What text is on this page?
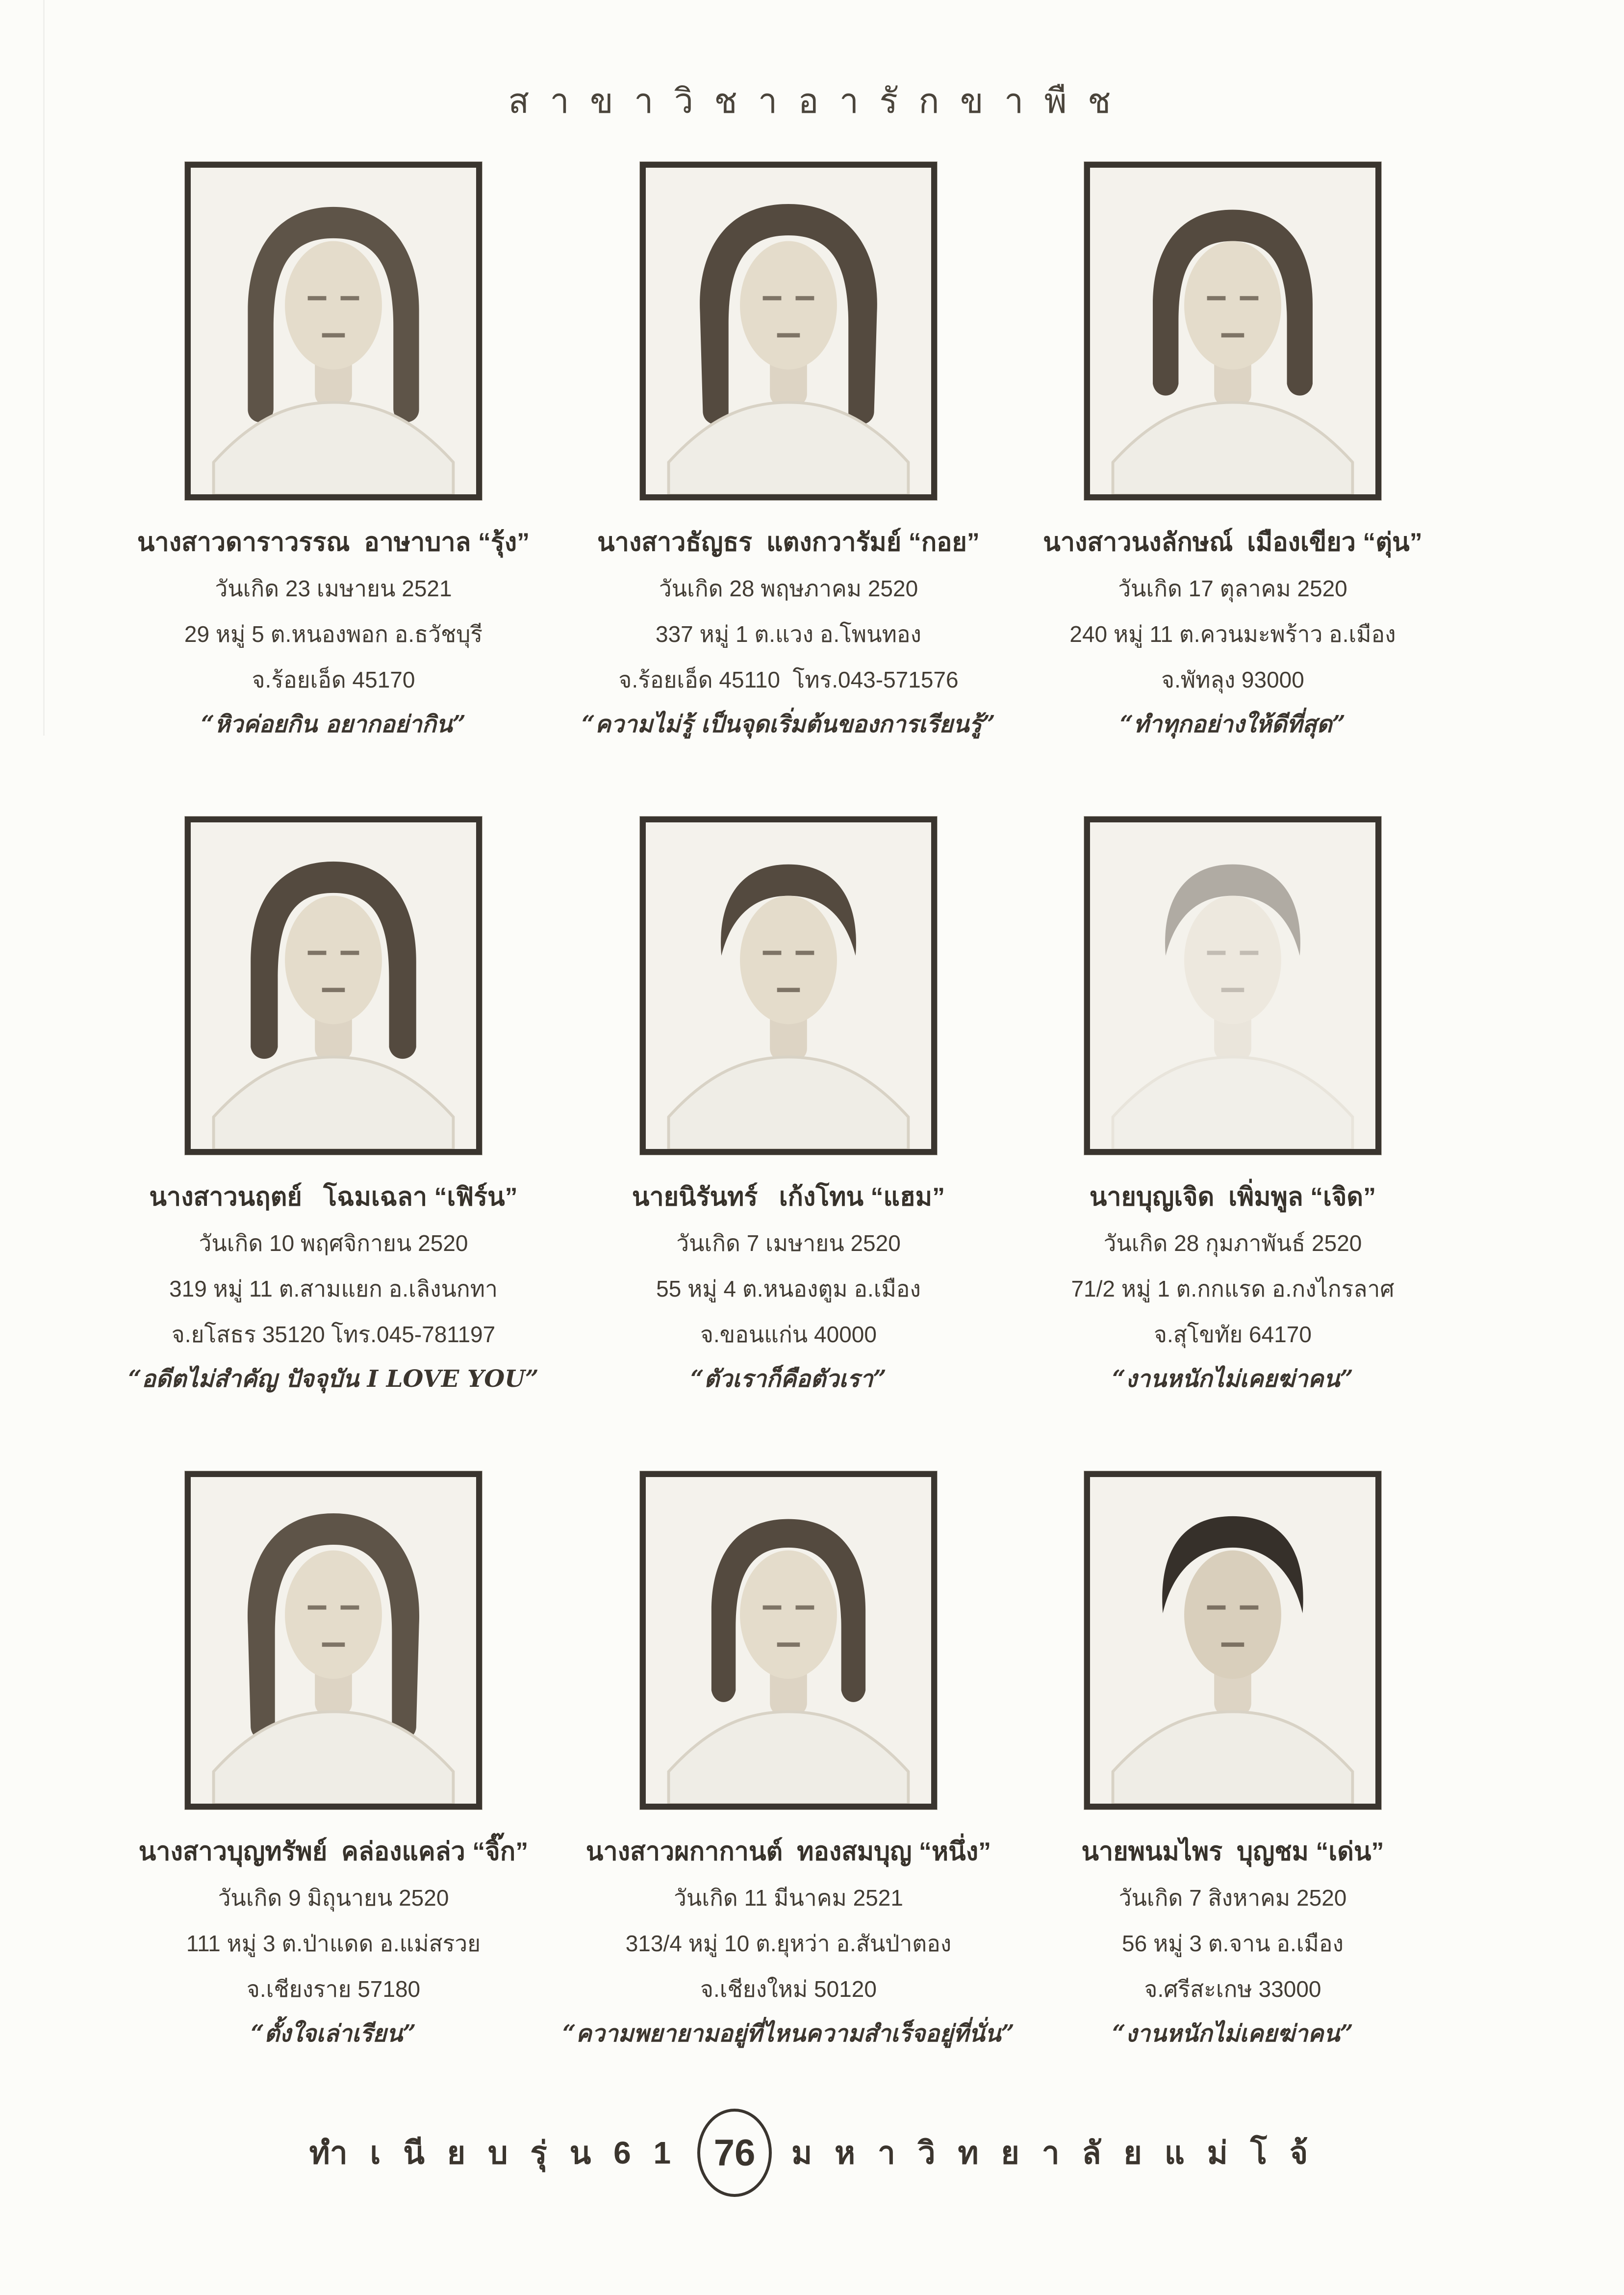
ส า ข า วิ ช า อ า รั ก ข า พื ช
นางสาวดาราวรรณ  อาษาบาล “รุ้ง”
วันเกิด 23 เมษายน 2521
29 หมู่ 5 ต.หนองพอก อ.ธวัชบุรี
จ.ร้อยเอ็ด 45170
“หิวค่อยกิน อยากอย่ากิน”
นางสาวธัญธร  แตงกวารัมย์ “กอย”
วันเกิด 28 พฤษภาคม 2520
337 หมู่ 1 ต.แวง อ.โพนทอง
จ.ร้อยเอ็ด 45110  โทร.043-571576
“ความไม่รู้ เป็นจุดเริ่มต้นของการเรียนรู้”
นางสาวนงลักษณ์  เมืองเขียว “ตุ่น”
วันเกิด 17 ตุลาคม 2520
240 หมู่ 11 ต.ควนมะพร้าว อ.เมือง
จ.พัทลุง 93000
“ทำทุกอย่างให้ดีที่สุด”
นางสาวนฤตย์   โฉมเฉลา “เฟิร์น”
วันเกิด 10 พฤศจิกายน 2520
319 หมู่ 11 ต.สามแยก อ.เลิงนกทา
จ.ยโสธร 35120 โทร.045-781197
“อดีตไม่สำคัญ ปัจจุบัน I LOVE YOU”
นายนิรันทร์   เก้งโทน “แฮม”
วันเกิด 7 เมษายน 2520
55 หมู่ 4 ต.หนองตูม อ.เมือง
จ.ขอนแก่น 40000
“ตัวเราก็คือตัวเรา”
นายบุญเจิด  เพิ่มพูล “เจิด”
วันเกิด 28 กุมภาพันธ์ 2520
71/2 หมู่ 1 ต.กกแรด อ.กงไกรลาศ
จ.สุโขทัย 64170
“งานหนักไม่เคยฆ่าคน”
นางสาวบุญทรัพย์  คล่องแคล่ว “จิ๊ก”
วันเกิด 9 มิถุนายน 2520
111 หมู่ 3 ต.ป่าแดด อ.แม่สรวย
จ.เชียงราย 57180
“ตั้งใจเล่าเรียน”
นางสาวผกากานต์  ทองสมบุญ “หนึ่ง”
วันเกิด 11 มีนาคม 2521
313/4 หมู่ 10 ต.ยุหว่า อ.สันป่าตอง
จ.เชียงใหม่ 50120
“ความพยายามอยู่ที่ไหนความสำเร็จอยู่ที่นั่น”
นายพนมไพร  บุญชม “เด่น”
วันเกิด 7 สิงหาคม 2520
56 หมู่ 3 ต.จาน อ.เมือง
จ.ศรีสะเกษ 33000
“งานหนักไม่เคยฆ่าคน”
ทำ เ นี ย บ รุ่ น 6 1 76 ม ห า วิ ท ย า ลั ย แ ม่ โ จ้
